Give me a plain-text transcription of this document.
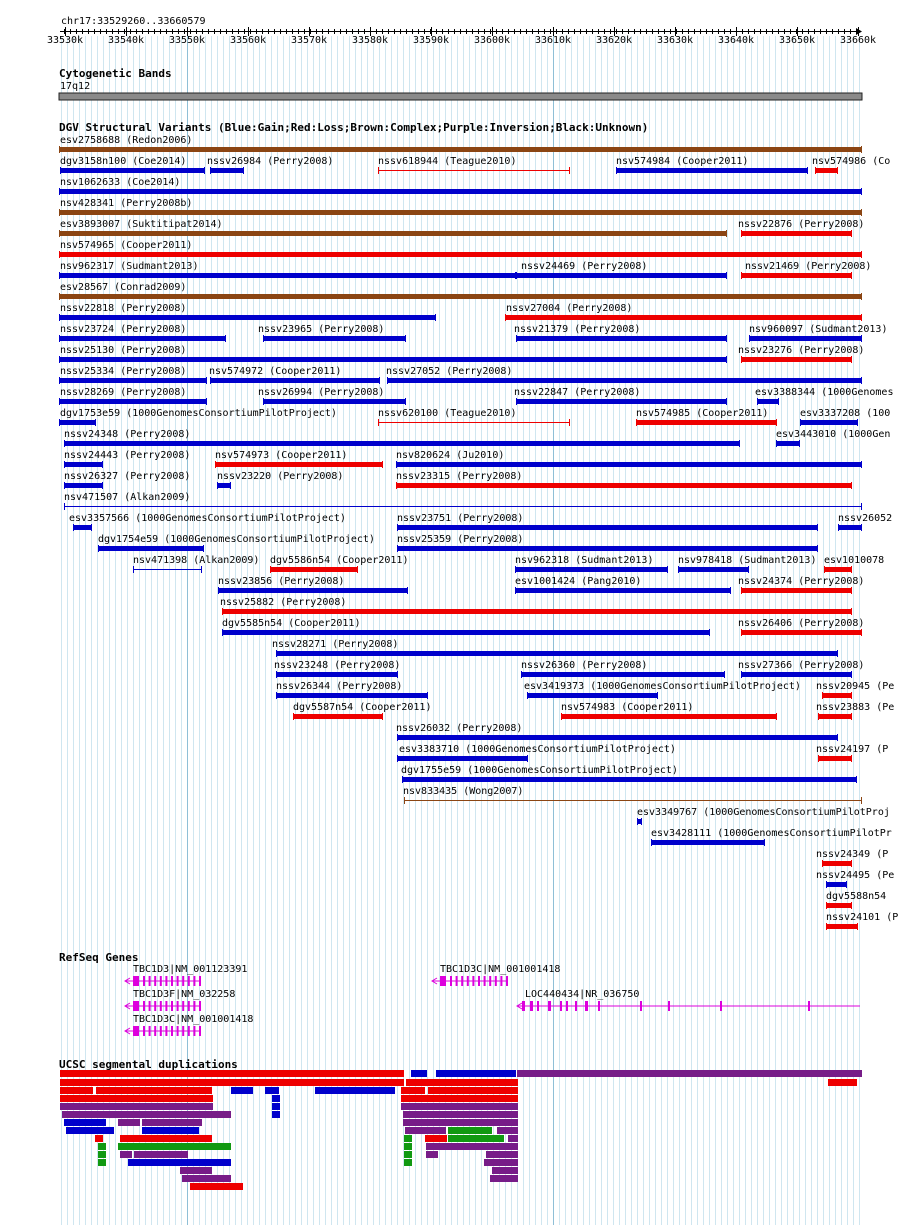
chr17:33529260..33660579
33530k 33540k 33550k 33560k 33570k 33580k 33590k 33600k 33610k 33620k 33630k 33640k 33650k 33660k
Cytogenetic Bands
17q12
DGV Structural Variants (Blue:Gain;Red:Loss;Brown:Complex;Purple:Inversion;Black:Unknown)
RefSeq Genes
UCSC segmental duplications
esv2758688 (Redon2006)
dgv3158n100 (Coe2014) nssv26984 (Perry2008)	nssv618944 (Teague2010)	nsv574984 (Cooper2011)	nsv574986 (Co
nsv1062633 (Coe2014)
nsv428341 (Perry2008b)
esv3893007 (Suktitipat2014)	nssv22876 (Perry2008)
nsv574965 (Cooper2011)
nsv962317 (Sudmant2013)	nssv24469 (Perry2008)	nssv21469 (Perry2008)
esv28567 (Conrad2009)
nssv22818 (Perry2008)	nssv27004 (Perry2008)
nssv23724 (Perry2008)	nssv23965 (Perry2008)	nssv21379 (Perry2008)	nsv960097 (Sudmant2013)
nssv25130 (Perry2008)	nssv23276 (Perry2008)
nssv25334 (Perry2008) nsv574972 (Cooper2011)	nssv27052 (Perry2008)
nssv28269 (Perry2008)	nssv26994 (Perry2008)	nssv22847 (Perry2008)	esv3388344 (1000Genomes
dgv1753e59 (1000GenomesConsortiumPilotProject)	nssv620100 (Teague2010)	nsv574985 (Cooper2011)	esv3337208 (100
nssv24348 (Perry2008)	esv3443010 (1000Gen
nssv24443 (Perry2008) nsv574973 (Cooper2011)	nsv820624 (Ju2010)
nssv26327 (Perry2008)	nssv23220 (Perry2008)	nssv23315 (Perry2008)
nsv471507 (Alkan2009)
esv3357566 (1000GenomesConsortiumPilotProject)	nssv23751 (Perry2008)	nssv26052
dgv1754e59 (1000GenomesConsortiumPilotProject) nssv25359 (Perry2008)
nsv471398 (Alkan2009) dgv5586n54 (Cooper2011)	nsv962318 (Sudmant2013) nsv978418 (Sudmant2013) esv1010078
nssv23856 (Perry2008)	esv1001424 (Pang2010)	nssv24374 (Perry2008)
nssv25882 (Perry2008)
dgv5585n54 (Cooper2011)	nssv26406 (Perry2008)
nssv28271 (Perry2008)
nssv23248 (Perry2008)	nssv26360 (Perry2008)	nssv27366 (Perry2008)
nssv26344 (Perry2008)	esv3419373 (1000GenomesConsortiumPilotProject) nssv20945 (Pe
dgv5587n54 (Cooper2011)	nsv574983 (Cooper2011)	nssv23883 (Pe
nssv26032 (Perry2008)
esv3383710 (1000GenomesConsortiumPilotProject)	nssv24197 (P
dgv1755e59 (1000GenomesConsortiumPilotProject)
nsv833435 (Wong2007)
esv3349767 (1000GenomesConsortiumPilotProj
esv3428111 (1000GenomesConsortiumPilotPr
nssv24349 (P
nssv24495 (Pe
dgv5588n54
nssv24101 (P
TBC1D3|NM_001123391	TBC1D3C|NM_001001418
TBC1D3F|NM_032258	LOC440434|NR_036750
TBC1D3C|NM_001001418
